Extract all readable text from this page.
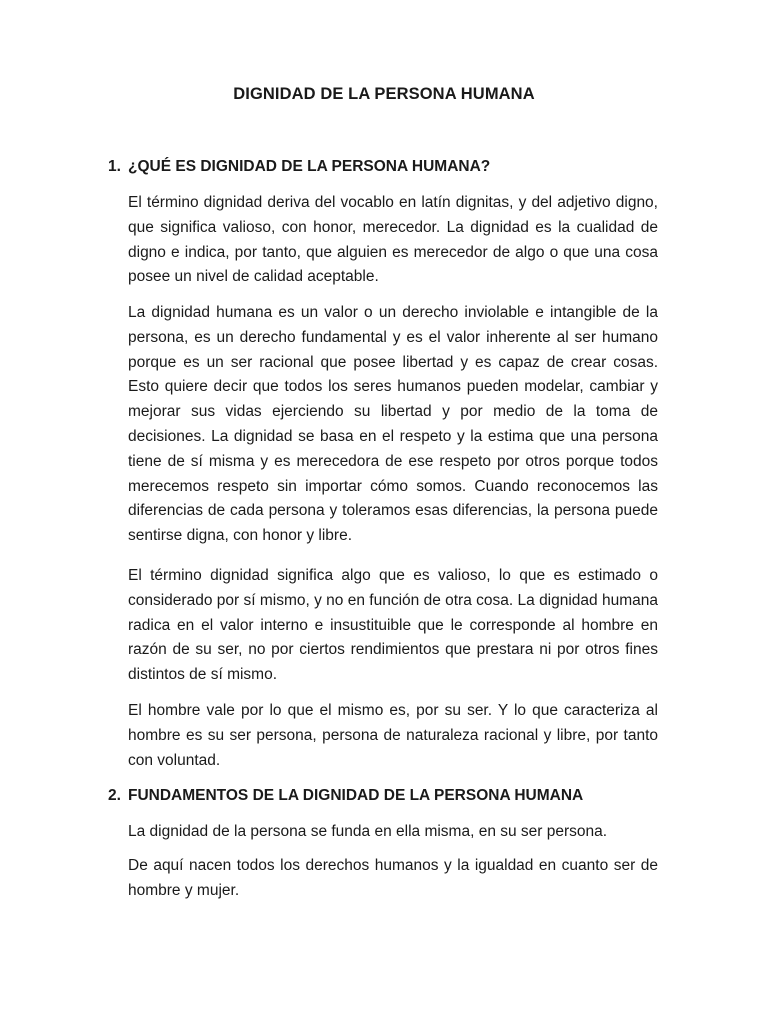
DIGNIDAD DE LA PERSONA HUMANA
1. ¿QUÉ ES DIGNIDAD DE LA PERSONA HUMANA?

El término dignidad deriva del vocablo en latín dignitas, y del adjetivo digno, que significa valioso, con honor, merecedor. La dignidad es la cualidad de digno e indica, por tanto, que alguien es merecedor de algo o que una cosa posee un nivel de calidad aceptable.

La dignidad humana es un valor o un derecho inviolable e intangible de la persona, es un derecho fundamental y es el valor inherente al ser humano porque es un ser racional que posee libertad y es capaz de crear cosas. Esto quiere decir que todos los seres humanos pueden modelar, cambiar y mejorar sus vidas ejerciendo su libertad y por medio de la toma de decisiones. La dignidad se basa en el respeto y la estima que una persona tiene de sí misma y es merecedora de ese respeto por otros porque todos merecemos respeto sin importar cómo somos. Cuando reconocemos las diferencias de cada persona y toleramos esas diferencias, la persona puede sentirse digna, con honor y libre.

El término dignidad significa algo que es valioso, lo que es estimado o considerado por sí mismo, y no en función de otra cosa. La dignidad humana radica en el valor interno e insustituible que le corresponde al hombre en razón de su ser, no por ciertos rendimientos que prestara ni por otros fines distintos de sí mismo.

El hombre vale por lo que el mismo es, por su ser. Y lo que caracteriza al hombre es su ser persona, persona de naturaleza racional y libre, por tanto con voluntad.

2. FUNDAMENTOS DE LA DIGNIDAD DE LA PERSONA HUMANA

La dignidad de la persona se funda en ella misma, en su ser persona.

De aquí nacen todos los derechos humanos y la igualdad en cuanto ser de hombre y mujer.
